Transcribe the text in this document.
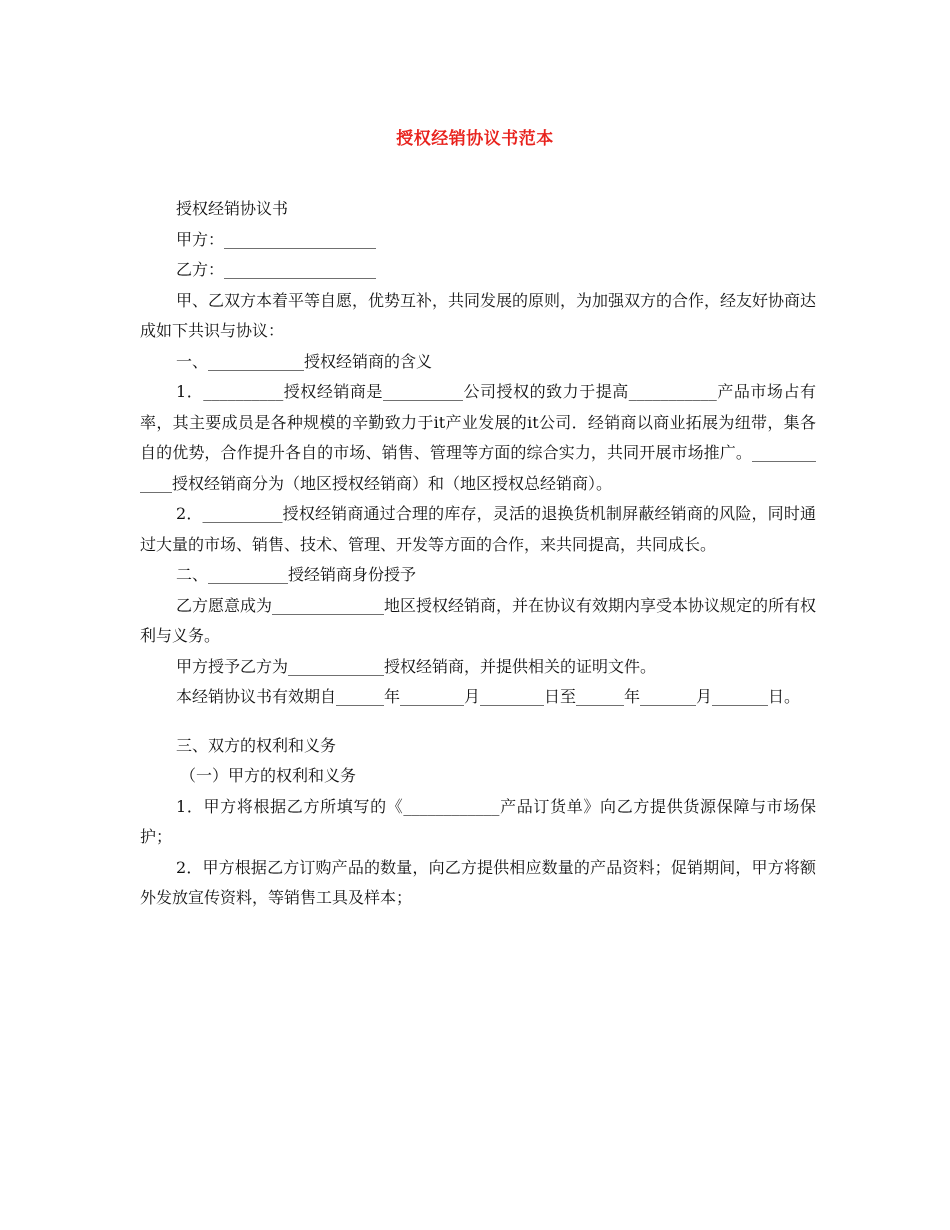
授权经销协议书范本

授权经销协议书

甲方：___________________

乙方：___________________

甲、乙双方本着平等自愿，优势互补，共同发展的原则，为加强双方的合作，经友好协商达成如下共识与协议：

一、____________授权经销商的含义

1．__________授权经销商是__________公司授权的致力于提高___________产品市场占有率，其主要成员是各种规模的辛勤致力于it产业发展的it公司．经销商以商业拓展为纽带，集各自的优势，合作提升各自的市场、销售、管理等方面的综合实力，共同开展市场推广。____________授权经销商分为（地区授权经销商）和（地区授权总经销商）。

2．__________授权经销商通过合理的库存，灵活的退换货机制屏蔽经销商的风险，同时通过大量的市场、销售、技术、管理、开发等方面的合作，来共同提高，共同成长。

二、__________授经销商身份授予

乙方愿意成为______________地区授权经销商，并在协议有效期内享受本协议规定的所有权利与义务。

甲方授予乙方为____________授权经销商，并提供相关的证明文件。

本经销协议书有效期自______年________月________日至______年_______月_______日。

三、双方的权利和义务

（一）甲方的权利和义务

1．甲方将根据乙方所填写的《____________产品订货单》向乙方提供货源保障与市场保护；

2．甲方根据乙方订购产品的数量，向乙方提供相应数量的产品资料；促销期间，甲方将额外发放宣传资料，等销售工具及样本；
